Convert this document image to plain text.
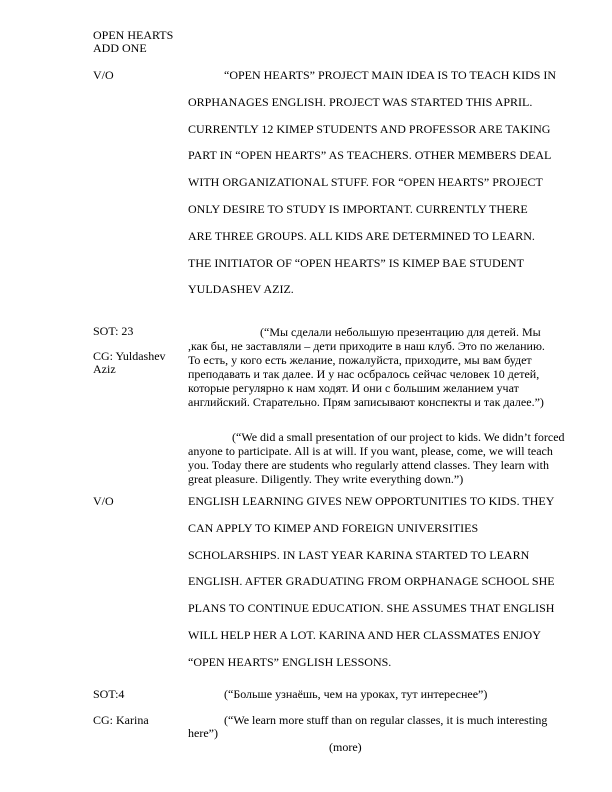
OPEN HEARTS
ADD ONE
V/O	“OPEN HEARTS” PROJECT MAIN IDEA IS TO TEACH KIDS IN
ORPHANAGES ENGLISH. PROJECT WAS STARTED THIS APRIL.
CURRENTLY 12 KIMEP STUDENTS AND PROFESSOR ARE TAKING
PART IN “OPEN HEARTS” AS TEACHERS. OTHER MEMBERS DEAL
WITH ORGANIZATIONAL STUFF. FOR “OPEN HEARTS” PROJECT
ONLY DESIRE TO STUDY IS IMPORTANT. CURRENTLY THERE
ARE THREE GROUPS. ALL KIDS ARE DETERMINED TO LEARN.
THE INITIATOR OF “OPEN HEARTS” IS KIMEP BAE STUDENT
YULDASHEV AZIZ.
SOT: 23
CG: Yuldashev
Aziz
(“Мы сделали небольшую презентацию для детей. Мы
,как бы, не заставляли – дети приходите в наш клуб. Это по желанию.
То есть, у кого есть желание, пожалуйста, приходите, мы вам будет
преподавать и так далее. И у нас осбралось сейчас человек 10 детей,
которые регулярно к нам ходят. И они с большим желанием учат
английский. Старательно. Прям записывают конспекты и так далее.”)
(“We did a small presentation of our project to kids. We didn’t forced
anyone to participate. All is at will. If you want, please, come, we will teach
you. Today there are students who regularly attend classes. They learn with
great pleasure. Diligently. They write everything down.”)
V/O	ENGLISH LEARNING GIVES NEW OPPORTUNITIES TO KIDS. THEY
CAN APPLY TO KIMEP AND FOREIGN UNIVERSITIES
SCHOLARSHIPS. IN LAST YEAR KARINA STARTED TO LEARN
ENGLISH. AFTER GRADUATING FROM ORPHANAGE SCHOOL SHE
PLANS TO CONTINUE EDUCATION. SHE ASSUMES THAT ENGLISH
WILL HELP HER A LOT. KARINA AND HER CLASSMATES ENJOY
“OPEN HEARTS” ENGLISH LESSONS.
SOT:4
CG: Karina
(“Больше узнаёшь, чем на уроках, тут интереснее”)
(“We learn more stuff than on regular classes, it is much interesting
here”)
(more)
